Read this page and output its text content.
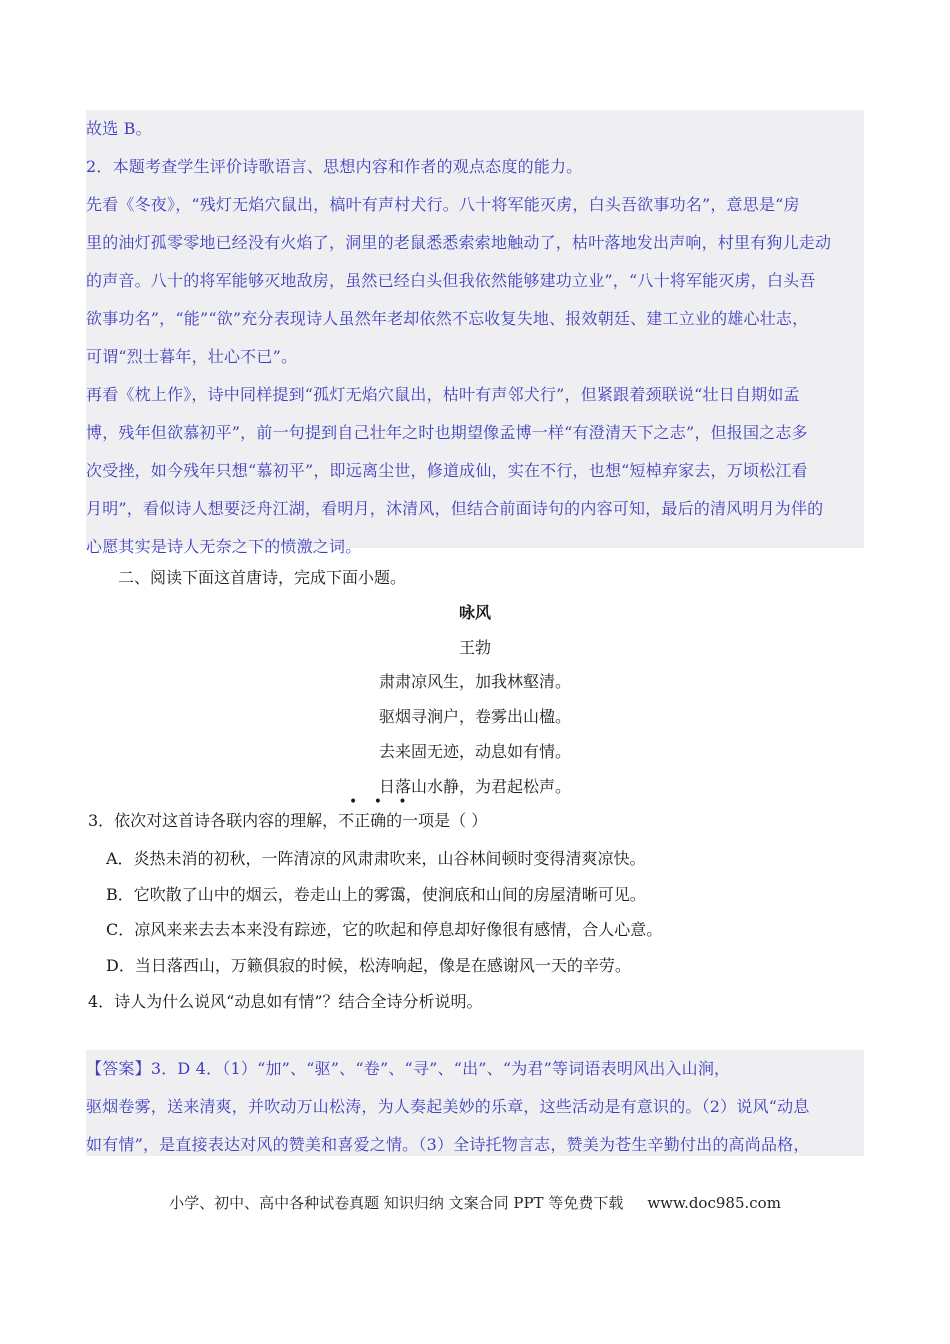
故选 B。

2．本题考查学生评价诗歌语言、思想内容和作者的观点态度的能力。

先看《冬夜》，“残灯无焰穴鼠出，槁叶有声村犬行。八十将军能灭虏，白头吾欲事功名”，意思是“房

里的油灯孤零零地已经没有火焰了，洞里的老鼠悉悉索索地触动了，枯叶落地发出声响，村里有狗儿走动

的声音。八十的将军能够灭地敌房，虽然已经白头但我依然能够建功立业”，“八十将军能灭虏，白头吾

欲事功名”，“能”“欲”充分表现诗人虽然年老却依然不忘收复失地、报效朝廷、建工立业的雄心壮志，

可谓“烈士暮年，壮心不已”。

再看《枕上作》，诗中同样提到“孤灯无焰穴鼠出，枯叶有声邻犬行”，但紧跟着颈联说“壮日自期如孟

博，残年但欲慕初平”，前一句提到自己壮年之时也期望像孟博一样“有澄清天下之志”，但报国之志多

次受挫，如今残年只想“慕初平”，即远离尘世，修道成仙，实在不行，也想“短棹弃家去，万顷松江看

月明”，看似诗人想要泛舟江湖，看明月，沐清风，但结合前面诗句的内容可知，最后的清风明月为伴的

心愿其实是诗人无奈之下的愤激之词。

二、阅读下面这首唐诗，完成下面小题。
咏风
王勃
肃肃凉风生，加我林壑清。
驱烟寻涧户，卷雾出山楹。
去来固无迹，动息如有情。
日落山水静，为君起松声。
• • •
3．依次对这首诗各联内容的理解，不正确的一项是（ ）
A．炎热未消的初秋，一阵清凉的风肃肃吹来，山谷林间顿时变得清爽凉快。
B．它吹散了山中的烟云，卷走山上的雾霭，使涧底和山间的房屋清晰可见。
C．凉风来来去去本来没有踪迹，它的吹起和停息却好像很有感情，合人心意。
D．当日落西山，万籁俱寂的时候，松涛响起，像是在感谢风一天的辛劳。
4．诗人为什么说风“动息如有情”？结合全诗分析说明。

【答案】3．D 4．（1）“加”、“驱”、“卷”、“寻”、“出”、“为君”等词语表明风出入山涧，

驱烟卷雾，送来清爽，并吹动万山松涛，为人奏起美妙的乐章，这些活动是有意识的。（2）说风“动息

如有情”，是直接表达对风的赞美和喜爱之情。（3）全诗托物言志，赞美为苍生辛勤付出的高尚品格，

小学、初中、高中各种试卷真题 知识归纳 文案合同 PPT 等免费下载 www.doc985.com
